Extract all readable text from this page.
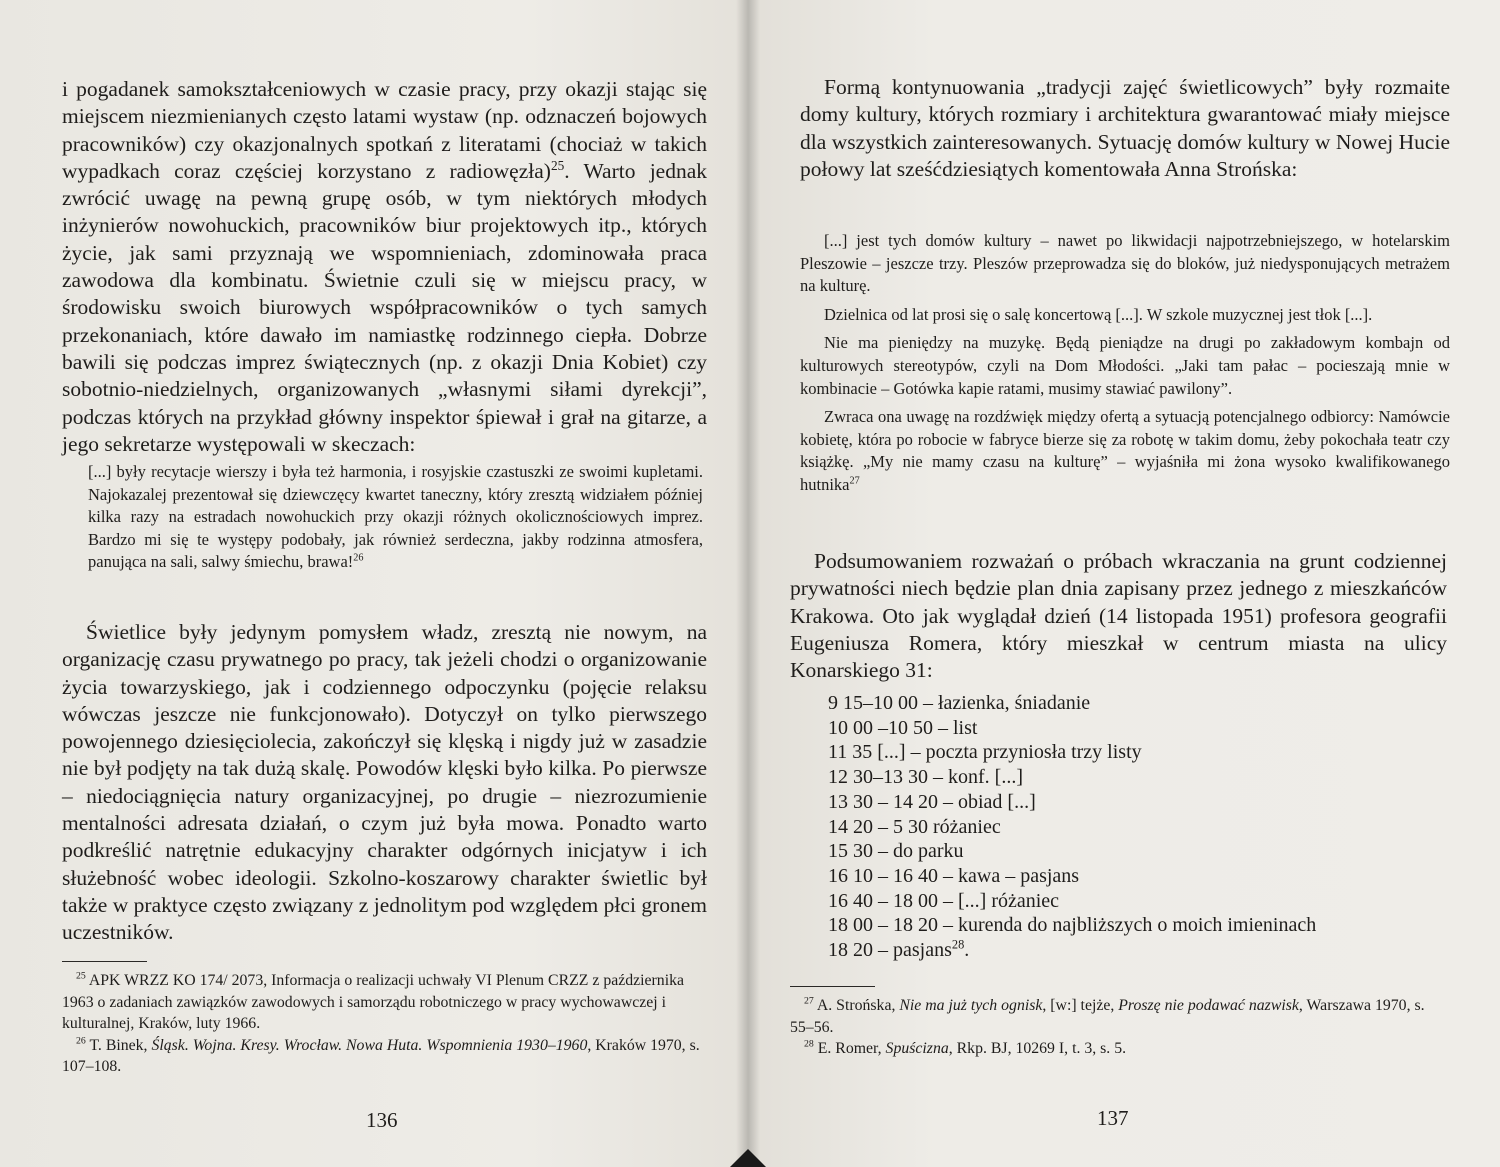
i pogadanek samokształceniowych w czasie pracy, przy okazji stając się miejscem niezmienianych często latami wystaw (np. odznaczeń bojowych pracowników) czy okazjonalnych spotkań z literatami (chociaż w takich wypadkach coraz częściej korzystano z radiowęzła)$^{25}$. Warto jednak zwrócić uwagę na pewną grupę osób, w tym niektórych młodych inżynierów nowohuckich, pracowników biur projektowych itp., których życie, jak sami przyznają we wspomnieniach, zdominowała praca zawodowa dla kombinatu. Świetnie czuli się w miejscu pracy, w środowisku swoich biurowych współpracowników o tych samych przekonaniach, które dawało im namiastkę rodzinnego ciepła. Dobrze bawili się podczas imprez świątecznych (np. z okazji Dnia Kobiet) czy sobotnio-niedzielnych, organizowanych „własnymi siłami dyrekcji”, podczas których na przykład główny inspektor śpiewał i grał na gitarze, a jego sekretarze występowali w skeczach:

[...] były recytacje wierszy i była też harmonia, i rosyjskie czastuszki ze swoimi kupletami. Najokazalej prezentował się dziewczęcy kwartet taneczny, który zresztą widziałem później kilka razy na estradach nowohuckich przy okazji różnych okolicznościowych imprez. Bardzo mi się te występy podobały, jak również serdeczna, jakby rodzinna atmosfera, panująca na sali, salwy śmiechu, brawa!$^{26}$

Świetlice były jedynym pomysłem władz, zresztą nie nowym, na organizację czasu prywatnego po pracy, tak jeżeli chodzi o organizowanie życia towarzyskiego, jak i codziennego odpoczynku (pojęcie relaksu wówczas jeszcze nie funkcjonowało). Dotyczył on tylko pierwszego powojennego dziesięciolecia, zakończył się klęską i nigdy już w zasadzie nie był podjęty na tak dużą skalę. Powodów klęski było kilka. Po pierwsze – niedociągnięcia natury organizacyjnej, po drugie – niezrozumienie mentalności adresata działań, o czym już była mowa. Ponadto warto podkreślić natrętnie edukacyjny charakter odgórnych inicjatyw i ich służebność wobec ideologii. Szkolno-koszarowy charakter świetlic był także w praktyce często związany z jednolitym pod względem płci gronem uczestników.

$^{25}$ APK WRZZ KO 174/ 2073, Informacja o realizacji uchwały VI Plenum CRZZ z października 1963 o zadaniach zawiązków zawodowych i samorządu robotniczego w pracy wychowawczej i kulturalnej, Kraków, luty 1966.

$^{26}$ T. Binek, Śląsk. Wojna. Kresy. Wrocław. Nowa Huta. Wspomnienia 1930–1960, Kraków 1970, s. 107–108.

136

Formą kontynuowania „tradycji zajęć świetlicowych” były rozmaite domy kultury, których rozmiary i architektura gwarantować miały miejsce dla wszystkich zainteresowanych. Sytuację domów kultury w Nowej Hucie połowy lat sześćdziesiątych komentowała Anna Strońska:

[...] jest tych domów kultury – nawet po likwidacji najpotrzebniejszego, w hotelarskim Pleszowie – jeszcze trzy. Pleszów przeprowadza się do bloków, już niedysponujących metrażem na kulturę.

Dzielnica od lat prosi się o salę koncertową [...]. W szkole muzycznej jest tłok [...].

Nie ma pieniędzy na muzykę. Będą pieniądze na drugi po zakładowym kombajn od kulturowych stereotypów, czyli na Dom Młodości. „Jaki tam pałac – pocieszają mnie w kombinacie – Gotówka kapie ratami, musimy stawiać pawilony”.

Zwraca ona uwagę na rozdźwięk między ofertą a sytuacją potencjalnego odbiorcy: Namówcie kobietę, która po robocie w fabryce bierze się za robotę w takim domu, żeby pokochała teatr czy książkę. „My nie mamy czasu na kulturę” – wyjaśniła mi żona wysoko kwalifikowanego hutnika$^{27}$

Podsumowaniem rozważań o próbach wkraczania na grunt codziennej prywatności niech będzie plan dnia zapisany przez jednego z mieszkańców Krakowa. Oto jak wyglądał dzień (14 listopada 1951) profesora geografii Eugeniusza Romera, który mieszkał w centrum miasta na ulicy Konarskiego 31:

9 15–10 00 – łazienka, śniadanie
10 00 –10 50 – list
11 35 [...] – poczta przyniosła trzy listy
12 30–13 30 – konf. [...]
13 30 – 14 20 – obiad [...]
14 20 – 5 30 różaniec
15 30 – do parku
16 10 – 16 40 – kawa – pasjans
16 40 – 18 00 – [...] różaniec
18 00 – 18 20 – kurenda do najbliższych o moich imieninach
18 20 – pasjans$^{28}$.

$^{27}$ A. Strońska, Nie ma już tych ognisk, [w:] tejże, Proszę nie podawać nazwisk, Warszawa 1970, s. 55–56.

$^{28}$ E. Romer, Spuścizna, Rkp. BJ, 10269 I, t. 3, s. 5.

137
